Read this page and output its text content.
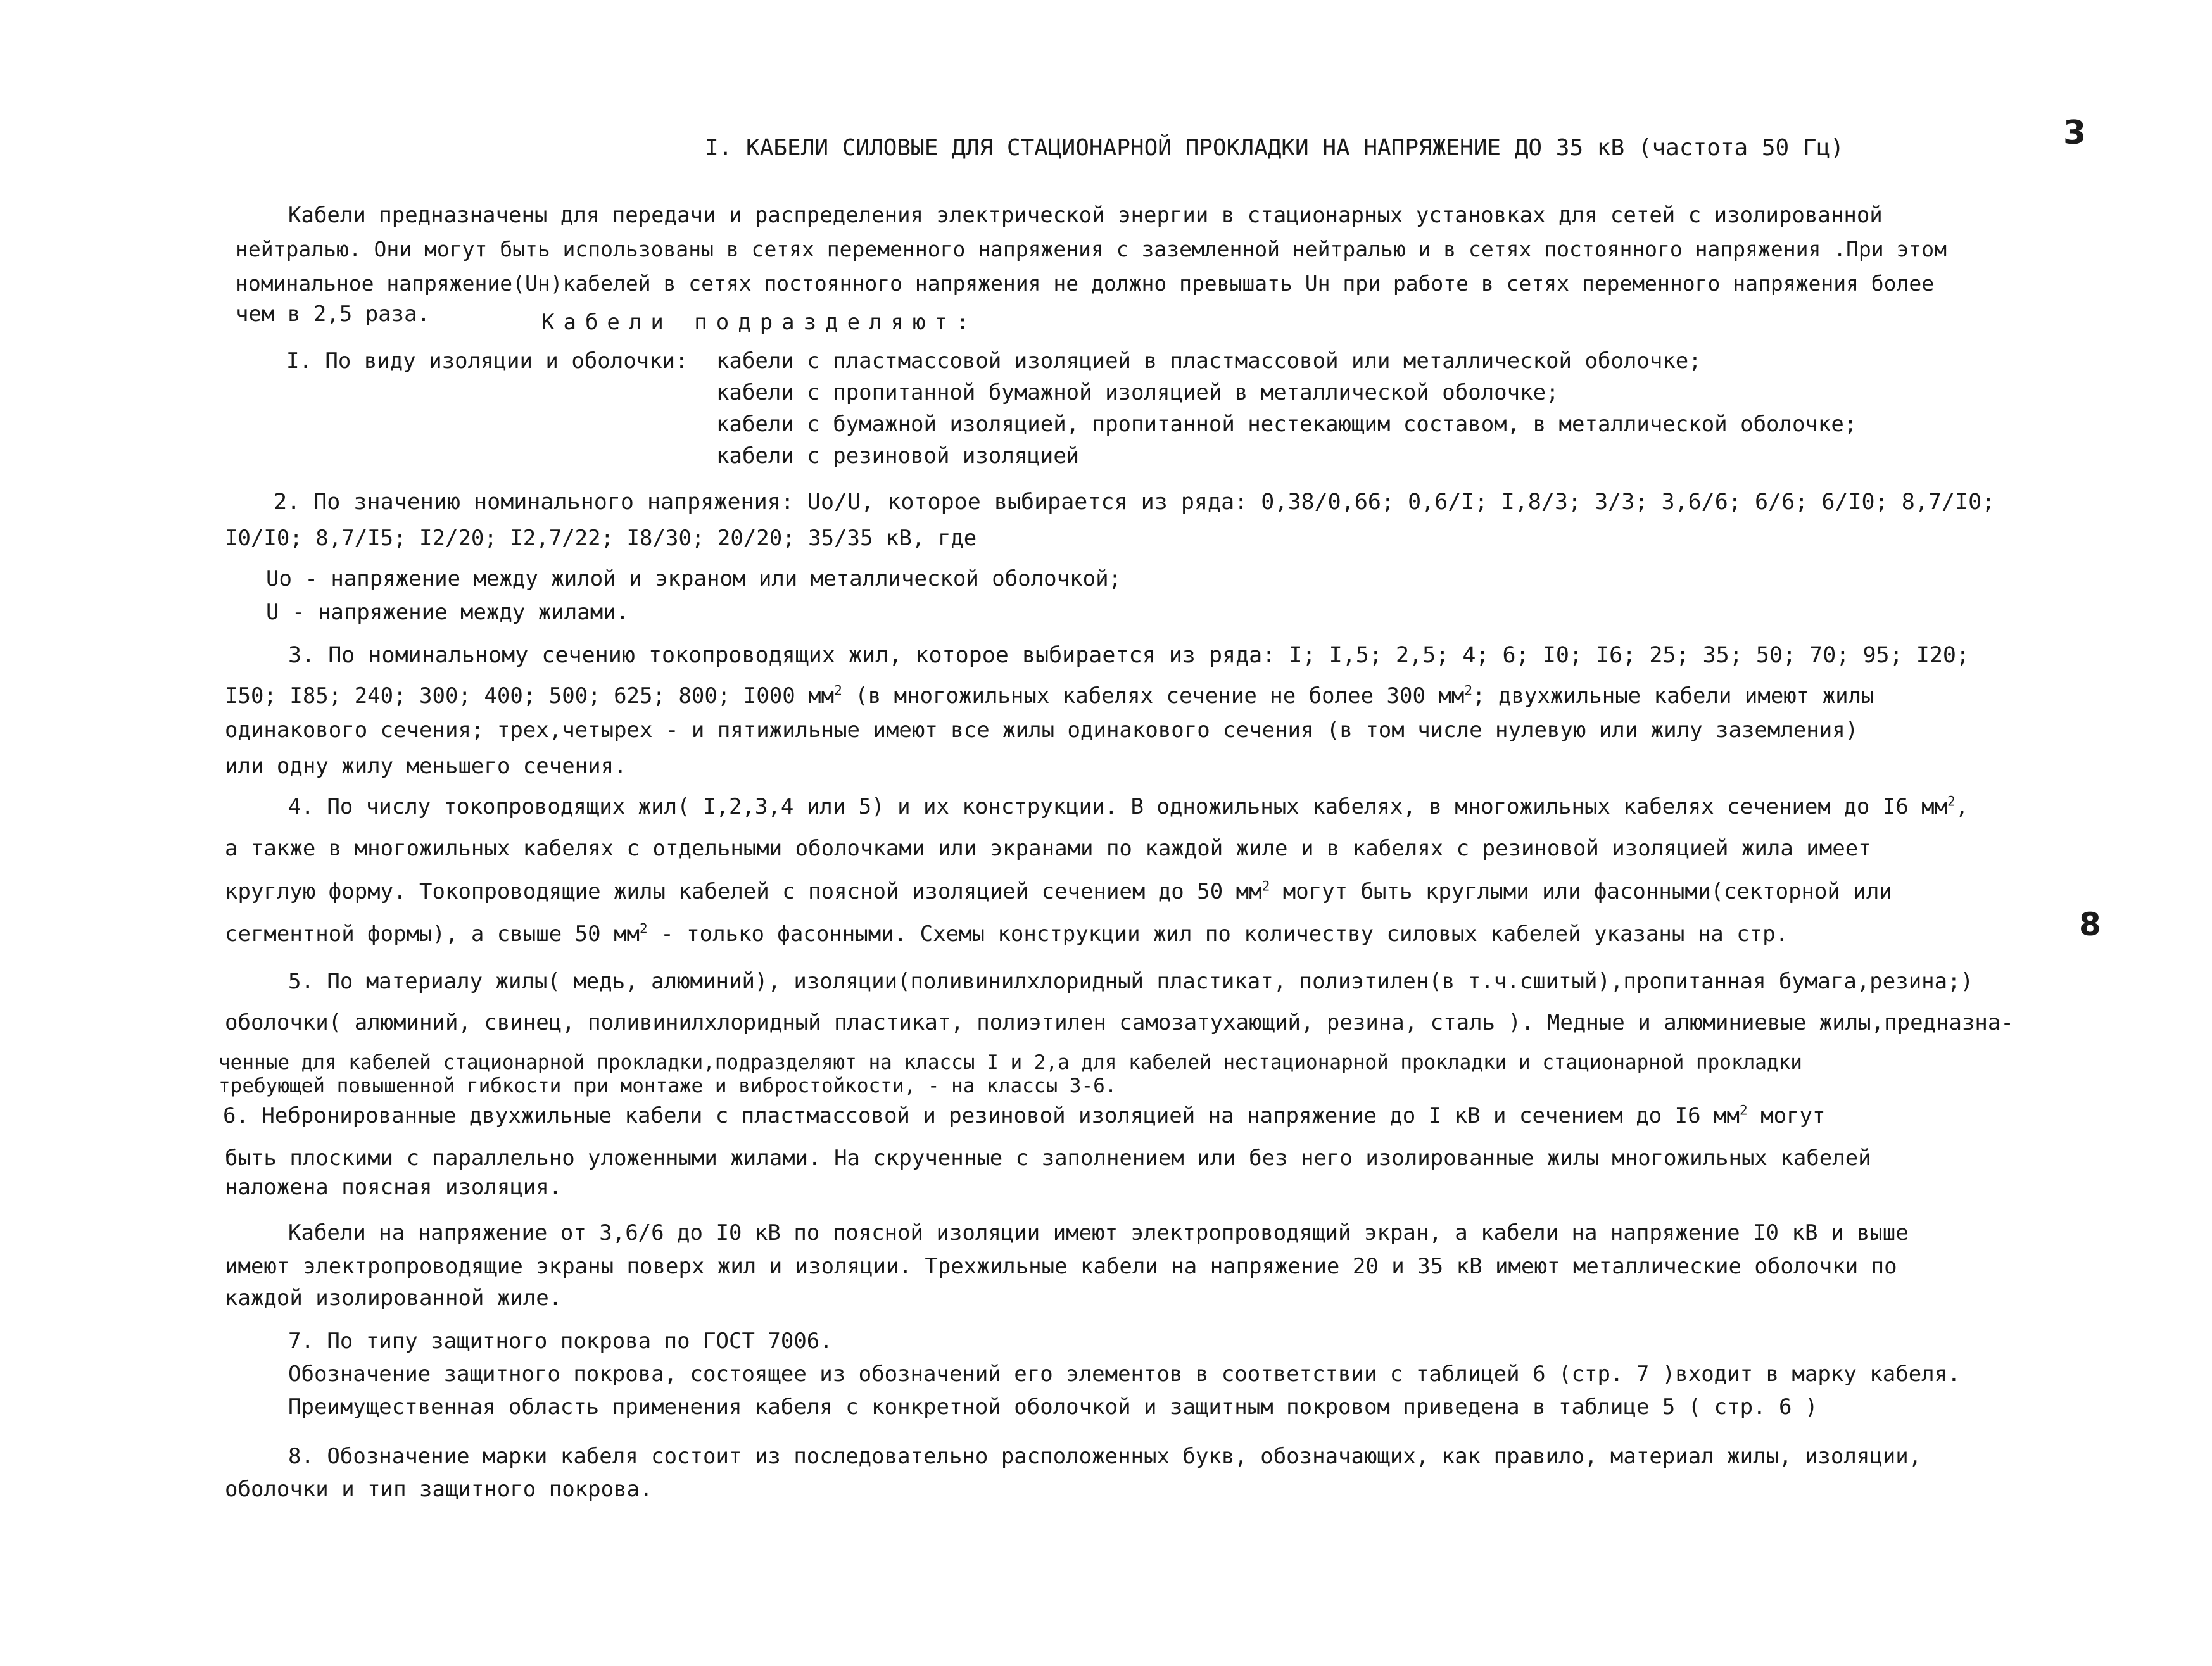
I. КАБЕЛИ СИЛОВЫЕ ДЛЯ СТАЦИОНАРНОЙ ПРОКЛАДКИ НА НАПРЯЖЕНИЕ ДО 35 кВ (частота 50 Гц)	3
Кабели предназначены для передачи и распределения электрической энергии в стационарных установках для сетей с изолированной
нейтралью. Они могут быть использованы в сетях переменного напряжения с заземленной нейтралью и в сетях постоянного напряжения .При этом
номинальное напряжение(Uн)кабелей в сетях постоянного напряжения не должно превышать Uн при работе в сетях переменного напряжения более
чем в 2,5 раза.	Кабели подразделяют:
I. По виду изоляции и оболочки: кабели с пластмассовой изоляцией в пластмассовой или металлической оболочке;
кабели с пропитанной бумажной изоляцией в металлической оболочке;
кабели с бумажной изоляцией, пропитанной нестекающим составом, в металлической оболочке;
кабели с резиновой изоляцией
2. По значению номинального напряжения: Uo/U, которое выбирается из ряда: 0,38/0,66; 0,6/I; I,8/3; 3/3; 3,6/6; 6/6; 6/I0; 8,7/I0;
I0/I0; 8,7/I5; I2/20; I2,7/22; I8/30; 20/20; 35/35 кВ, где
Uo - напряжение между жилой и экраном или металлической оболочкой;
U - напряжение между жилами.
3. По номинальному сечению токопроводящих жил, которое выбирается из ряда: I; I,5; 2,5; 4; 6; I0; I6; 25; 35; 50; 70; 95; I20;
I50; I85; 240; 300; 400; 500; 625; 800; I000 $мм^2$ (в многожильных кабелях сечение не более 300 $мм^2$; двухжильные кабели имеют жилы
одинакового сечения; трех,четырех - и пятижильные имеют все жилы одинакового сечения (в том числе нулевую или жилу заземления)
или одну жилу меньшего сечения.
4. По числу токопроводящих жил( I,2,3,4 или 5) и их конструкции. В одножильных кабелях, в многожильных кабелях сечением до I6 $мм^2$,
а также в многожильных кабелях с отдельными оболочками или экранами по каждой жиле и в кабелях с резиновой изоляцией жила имеет
круглую форму. Токопроводящие жилы кабелей с поясной изоляцией сечением до 50 $мм^2$ могут быть круглыми или фасонными(секторной или
сегментной формы), а свыше 50 $мм^2$ - только фасонными. Схемы конструкции жил по количеству силовых кабелей указаны на стр.	8
5. По материалу жилы( медь, алюминий), изоляции(поливинилхлоридный пластикат, полиэтилен(в т.ч.сшитый),пропитанная бумага,резина;)
оболочки( алюминий, свинец, поливинилхлоридный пластикат, полиэтилен самозатухающий, резина, сталь ). Медные и алюминиевые жилы,предназна-
ченные для кабелей стационарной прокладки,подразделяют на классы I и 2,а для кабелей нестационарной прокладки и стационарной прокладки
требующей повышенной гибкости при монтаже и вибростойкости, - на классы 3-6.
6. Небронированные двухжильные кабели с пластмассовой и резиновой изоляцией на напряжение до I кВ и сечением до I6 $мм^2$ могут
быть плоскими с параллельно уложенными жилами. На скрученные с заполнением или без него изолированные жилы многожильных кабелей
наложена поясная изоляция.
Кабели на напряжение от 3,6/6 до I0 кВ по поясной изоляции имеют электропроводящий экран, а кабели на напряжение I0 кВ и выше
имеют электропроводящие экраны поверх жил и изоляции. Трехжильные кабели на напряжение 20 и 35 кВ имеют металлические оболочки по
каждой изолированной жиле.
7. По типу защитного покрова по ГОСТ 7006.
Обозначение защитного покрова, состоящее из обозначений его элементов в соответствии с таблицей 6 (стр. 7 )входит в марку кабеля.
Преимущественная область применения кабеля с конкретной оболочкой и защитным покровом приведена в таблице 5 ( стр. 6 )
8. Обозначение марки кабеля состоит из последовательно расположенных букв, обозначающих, как правило, материал жилы, изоляции,
оболочки и тип защитного покрова.
